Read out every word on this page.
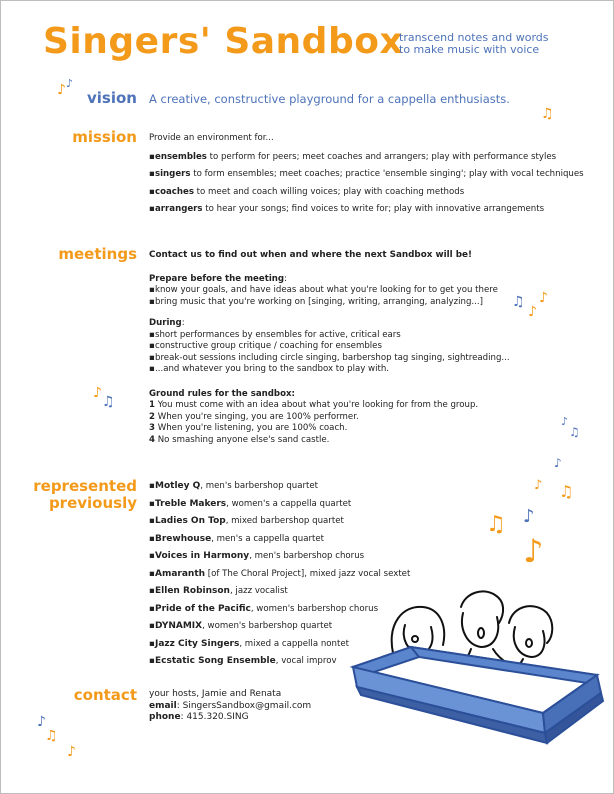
Singers' Sandbox
transcend notes and words
to make music with voice
vision A creative, constructive playground for a cappella enthusiasts.
mission Provide an environment for...
▪ensembles to perform for peers; meet coaches and arrangers; play with performance styles
▪singers to form ensembles; meet coaches; practice 'ensemble singing'; play with vocal techniques
▪coaches to meet and coach willing voices; play with coaching methods
▪arrangers to hear your songs; find voices to write for; play with innovative arrangements
meetings Contact us to find out when and where the next Sandbox will be!
Prepare before the meeting:
▪know your goals, and have ideas about what you're looking for to get you there
▪bring music that you're working on [singing, writing, arranging, analyzing...]
During:
▪short performances by ensembles for active, critical ears
▪constructive group critique / coaching for ensembles
▪break-out sessions including circle singing, barbershop tag singing, sightreading...
▪...and whatever you bring to the sandbox to play with.
Ground rules for the sandbox:
1 You must come with an idea about what you're looking for from the group.
2 When you're singing, you are 100% performer.
3 When you're listening, you are 100% coach.
4 No smashing anyone else's sand castle.
represented
previously
▪Motley Q, men's barbershop quartet
▪Treble Makers, women's a cappella quartet
▪Ladies On Top, mixed barbershop quartet
▪Brewhouse, men's a cappella quartet
▪Voices in Harmony, men's barbershop chorus
▪Amaranth [of The Choral Project], mixed jazz vocal sextet
▪Ellen Robinson, jazz vocalist
▪Pride of the Pacific, women's barbershop chorus
▪DYNAMIX, women's barbershop quartet
▪Jazz City Singers, mixed a cappella nontet
▪Ecstatic Song Ensemble, vocal improv
contact your hosts, Jamie and Renata
email: SingersSandbox@gmail.com
phone: 415.320.SING
♪ ♪
♫
♫
♪
♪
♪
♫
♪
♫
♪
♪ ♫
♫ ♪
♪
♪
♫
♪
